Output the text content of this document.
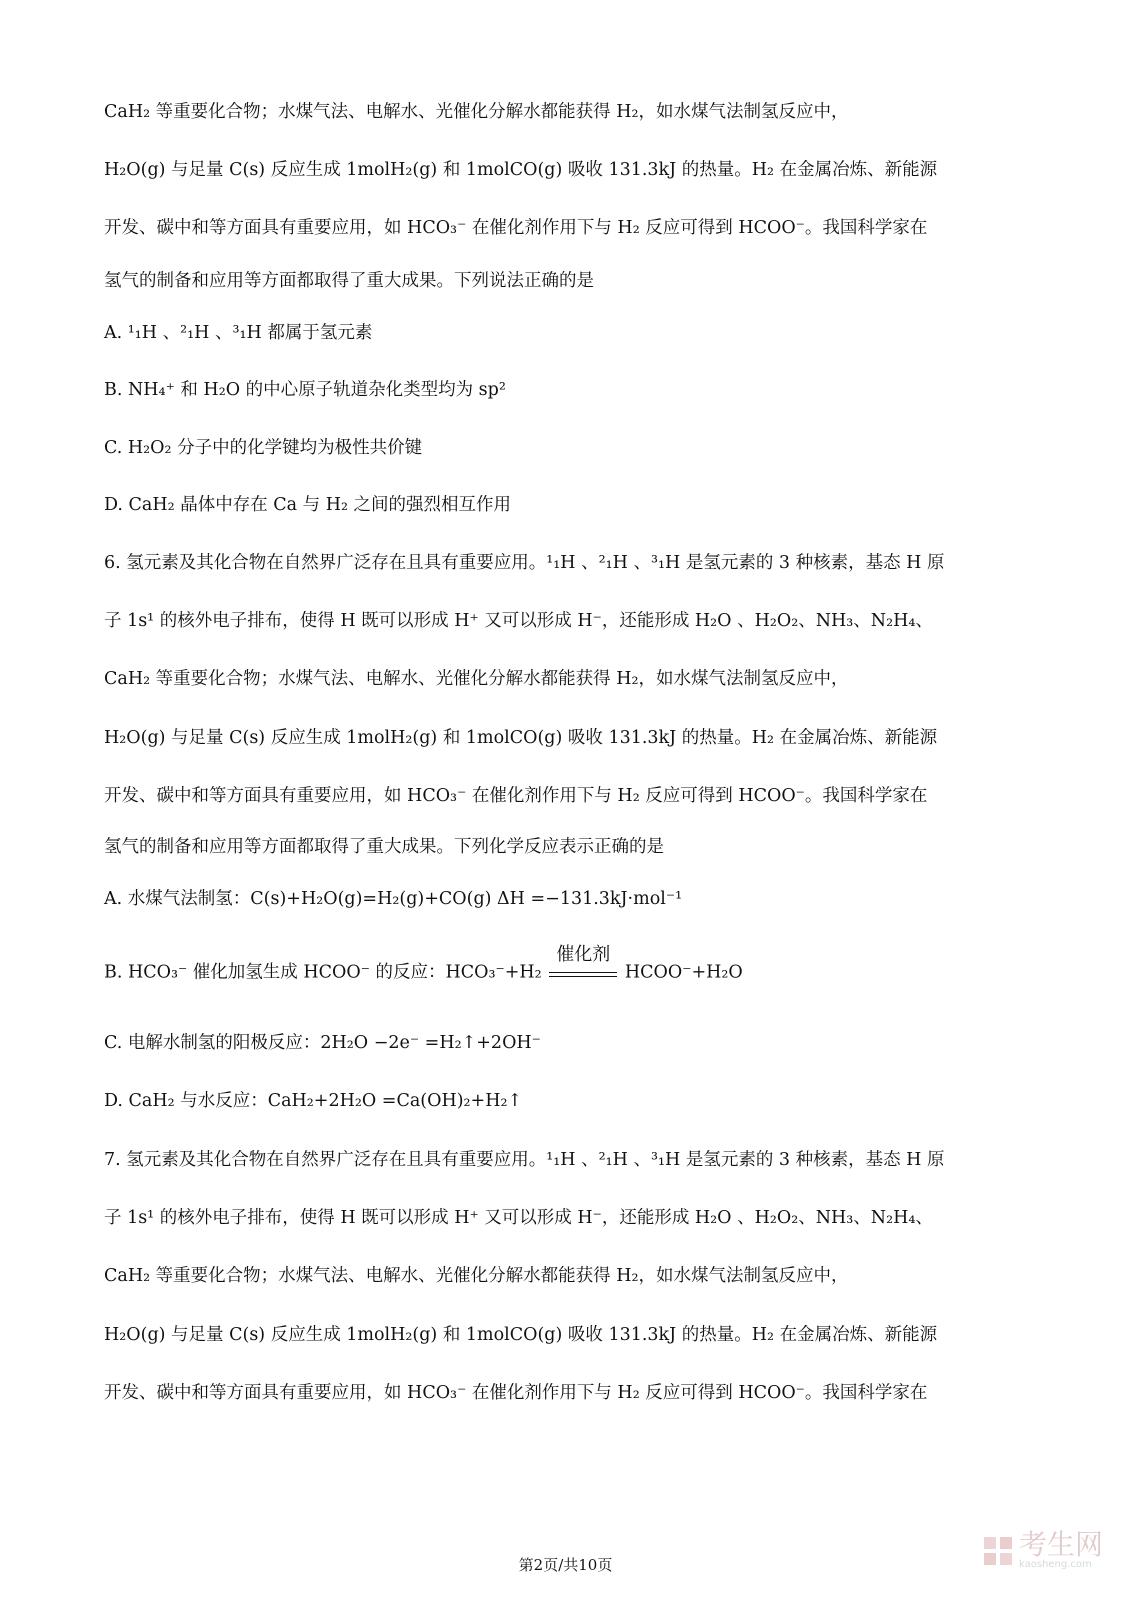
CaH₂ 等重要化合物；水煤气法、电解水、光催化分解水都能获得 H₂，如水煤气法制氢反应中，
H₂O(g) 与足量 C(s) 反应生成 1molH₂(g) 和 1molCO(g) 吸收 131.3kJ 的热量。H₂ 在金属冶炼、新能源
开发、碳中和等方面具有重要应用，如 HCO₃⁻ 在催化剂作用下与 H₂ 反应可得到 HCOO⁻。我国科学家在
氢气的制备和应用等方面都取得了重大成果。下列说法正确的是
A. ¹₁H 、²₁H 、³₁H 都属于氢元素
B. NH₄⁺ 和 H₂O 的中心原子轨道杂化类型均为 sp²
C. H₂O₂ 分子中的化学键均为极性共价键
D. CaH₂ 晶体中存在 Ca 与 H₂ 之间的强烈相互作用
6. 氢元素及其化合物在自然界广泛存在且具有重要应用。¹₁H 、²₁H 、³₁H 是氢元素的 3 种核素，基态 H 原
子 1s¹ 的核外电子排布，使得 H 既可以形成 H⁺ 又可以形成 H⁻，还能形成 H₂O 、H₂O₂、NH₃、N₂H₄、
CaH₂ 等重要化合物；水煤气法、电解水、光催化分解水都能获得 H₂，如水煤气法制氢反应中，
H₂O(g) 与足量 C(s) 反应生成 1molH₂(g) 和 1molCO(g) 吸收 131.3kJ 的热量。H₂ 在金属冶炼、新能源
开发、碳中和等方面具有重要应用，如 HCO₃⁻ 在催化剂作用下与 H₂ 反应可得到 HCOO⁻。我国科学家在
氢气的制备和应用等方面都取得了重大成果。下列化学反应表示正确的是
A. 水煤气法制氢：C(s)+H₂O(g)=H₂(g)+CO(g) ΔH =−131.3kJ·mol⁻¹
B. HCO₃⁻ 催化加氢生成 HCOO⁻ 的反应：HCO₃⁻+H₂
催化剂
HCOO⁻+H₂O
C. 电解水制氢的阳极反应：2H₂O −2e⁻ =H₂↑+2OH⁻
D. CaH₂ 与水反应：CaH₂+2H₂O =Ca(OH)₂+H₂↑
7. 氢元素及其化合物在自然界广泛存在且具有重要应用。¹₁H 、²₁H 、³₁H 是氢元素的 3 种核素，基态 H 原
子 1s¹ 的核外电子排布，使得 H 既可以形成 H⁺ 又可以形成 H⁻，还能形成 H₂O 、H₂O₂、NH₃、N₂H₄、
CaH₂ 等重要化合物；水煤气法、电解水、光催化分解水都能获得 H₂，如水煤气法制氢反应中，
H₂O(g) 与足量 C(s) 反应生成 1molH₂(g) 和 1molCO(g) 吸收 131.3kJ 的热量。H₂ 在金属冶炼、新能源
开发、碳中和等方面具有重要应用，如 HCO₃⁻ 在催化剂作用下与 H₂ 反应可得到 HCOO⁻。我国科学家在
第2页/共10页
考生网
kaosheng.com
